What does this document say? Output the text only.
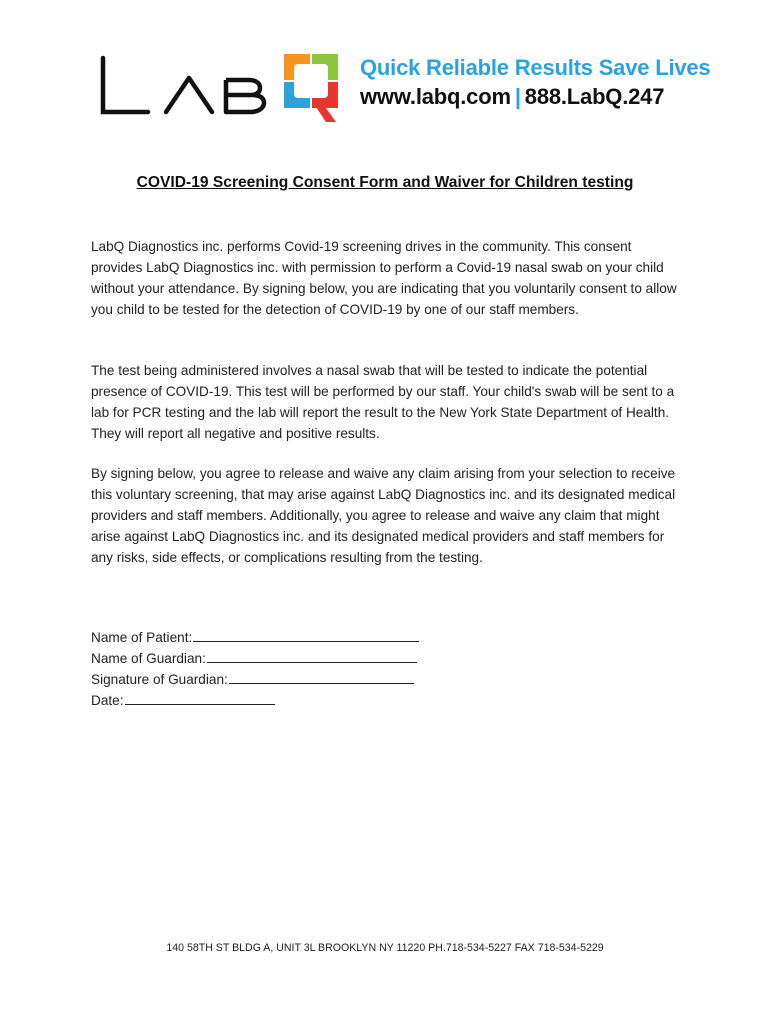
Quick Reliable Results Save Lives
www.labq.com | 888.LabQ.247
COVID-19 Screening Consent Form and Waiver for Children testing
LabQ Diagnostics inc. performs Covid-19 screening drives in the community. This consent provides LabQ Diagnostics inc. with permission to perform a Covid-19 nasal swab on your child without your attendance. By signing below, you are indicating that you voluntarily consent to allow you child to be tested for the detection of COVID-19 by one of our staff members.
The test being administered involves a nasal swab that will be tested to indicate the potential presence of COVID-19. This test will be performed by our staff. Your child's swab will be sent to a lab for PCR testing and the lab will report the result to the New York State Department of Health. They will report all negative and positive results.
By signing below, you agree to release and waive any claim arising from your selection to receive this voluntary screening, that may arise against LabQ Diagnostics inc. and its designated medical providers and staff members. Additionally, you agree to release and waive any claim that might arise against LabQ Diagnostics inc. and its designated medical providers and staff members for any risks, side effects, or complications resulting from the testing.
Name of Patient:
Name of Guardian:
Signature of Guardian:
Date:
140 58TH ST BLDG A, UNIT 3L BROOKLYN NY 11220 PH.718-534-5227 FAX 718-534-5229
